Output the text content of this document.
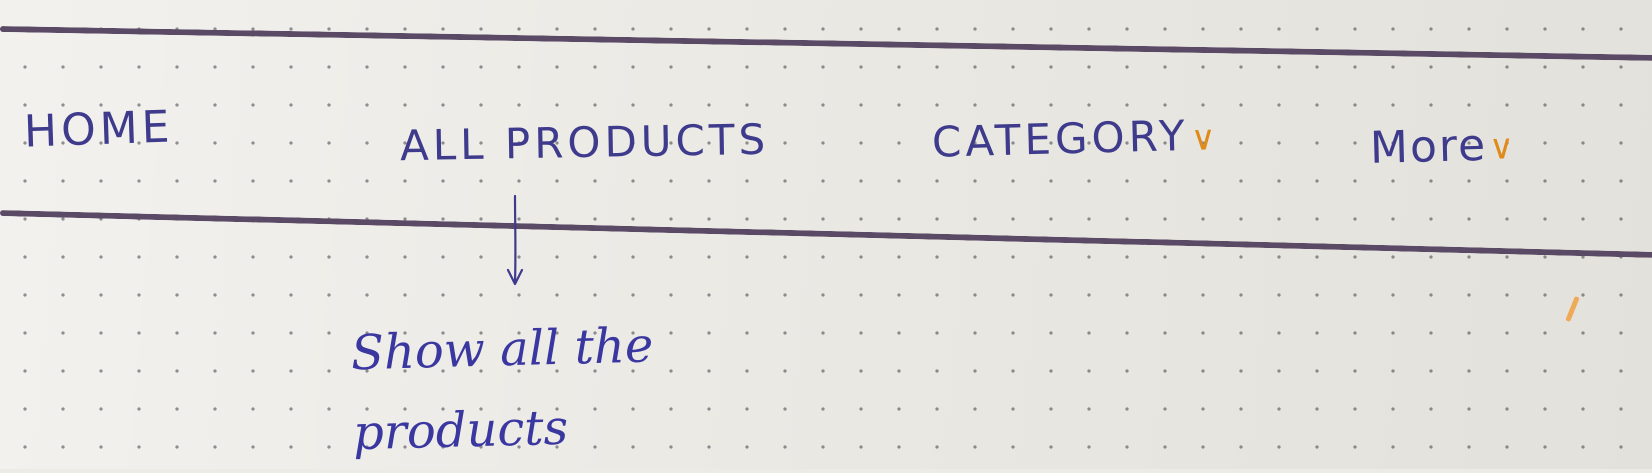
HOME	ALL PRODUCTS	CATEGORY∨	More∨
Show all the
products
